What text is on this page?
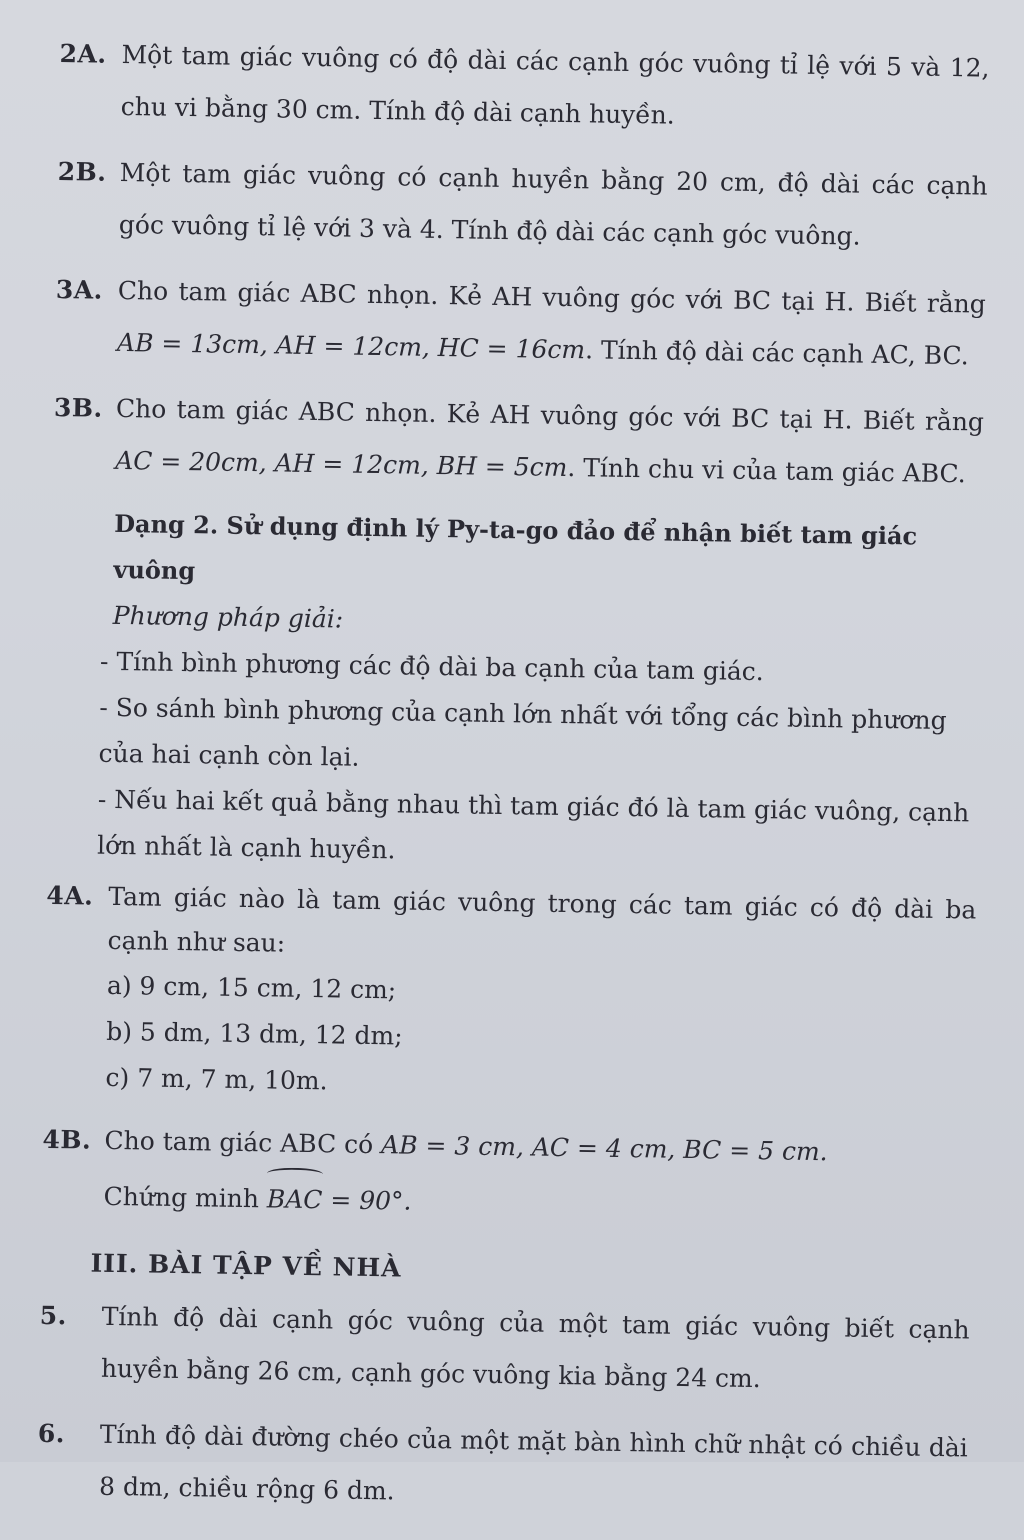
2A. Một tam giác vuông có độ dài các cạnh góc vuông tỉ lệ với 5 và 12, chu vi bằng 30 cm. Tính độ dài cạnh huyền.
2B. Một tam giác vuông có cạnh huyền bằng 20 cm, độ dài các cạnh góc vuông tỉ lệ với 3 và 4. Tính độ dài các cạnh góc vuông.
3A. Cho tam giác ABC nhọn. Kẻ AH vuông góc với BC tại H. Biết rằng AB = 13cm, AH = 12cm, HC = 16cm. Tính độ dài các cạnh AC, BC.
3B. Cho tam giác ABC nhọn. Kẻ AH vuông góc với BC tại H. Biết rằng AC = 20cm, AH = 12cm, BH = 5cm. Tính chu vi của tam giác ABC.
Dạng 2. Sử dụng định lý Py-ta-go đảo để nhận biết tam giác vuông
Phương pháp giải:
- Tính bình phương các độ dài ba cạnh của tam giác.
- So sánh bình phương của cạnh lớn nhất với tổng các bình phương của hai cạnh còn lại.
- Nếu hai kết quả bằng nhau thì tam giác đó là tam giác vuông, cạnh lớn nhất là cạnh huyền.
4A. Tam giác nào là tam giác vuông trong các tam giác có độ dài ba cạnh như sau:
a) 9 cm, 15 cm, 12 cm;
b) 5 dm, 13 dm, 12 dm;
c) 7 m, 7 m, 10m.
4B. Cho tam giác ABC có AB = 3 cm, AC = 4 cm, BC = 5 cm.
Chứng minh BAC = 90°.
III. BÀI TẬP VỀ NHÀ
5.	Tính độ dài cạnh góc vuông của một tam giác vuông biết cạnh huyền bằng 26 cm, cạnh góc vuông kia bằng 24 cm.
6.	Tính độ dài đường chéo của một mặt bàn hình chữ nhật có chiều dài 8 dm, chiều rộng 6 dm.
